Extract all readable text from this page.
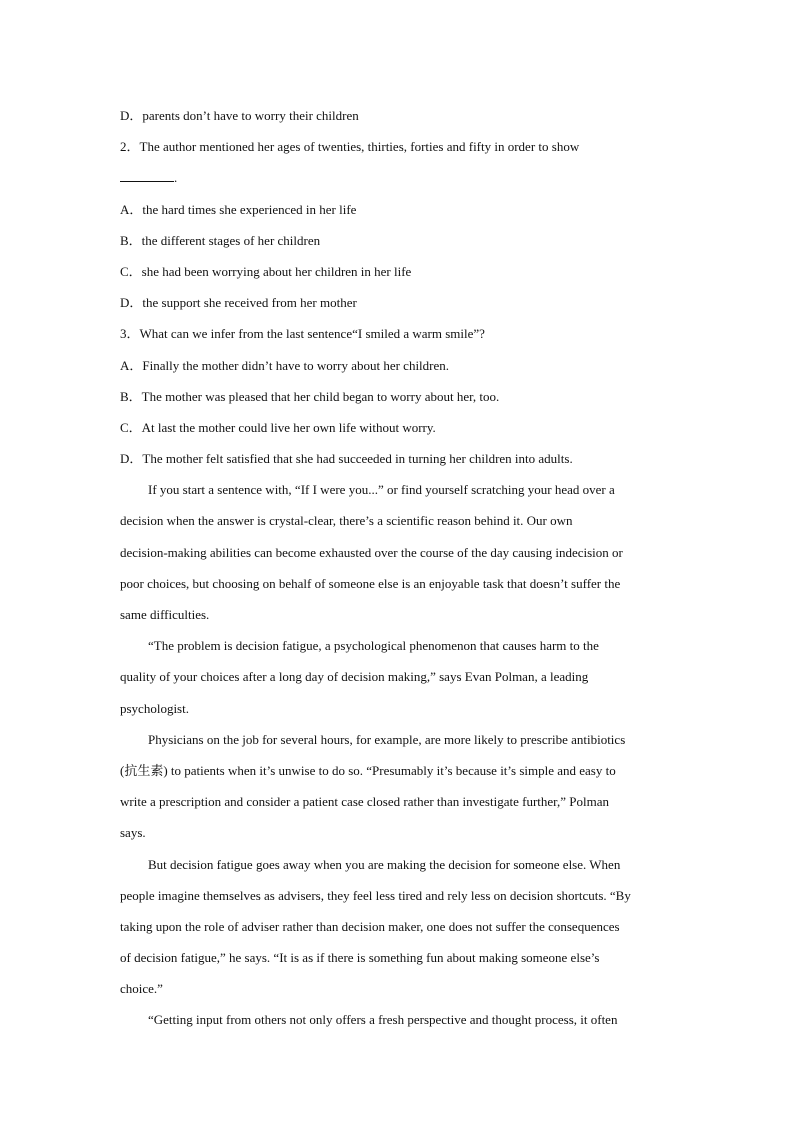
D．parents don’t have to worry their children
2．The author mentioned her ages of twenties, thirties, forties and fifty in order to show
.
A．the hard times she experienced in her life
B．the different stages of her children
C．she had been worrying about her children in her life
D．the support she received from her mother
3．What can we infer from the last sentence“I smiled a warm smile”?
A．Finally the mother didn’t have to worry about her children.
B．The mother was pleased that her child began to worry about her, too.
C．At last the mother could live her own life without worry.
D．The mother felt satisfied that she had succeeded in turning her children into adults.
If you start a sentence with, “If I were you...” or find yourself scratching your head over a
decision when the answer is crystal-clear, there’s a scientific reason behind it. Our own
decision-making abilities can become exhausted over the course of the day causing indecision or
poor choices, but choosing on behalf of someone else is an enjoyable task that doesn’t suffer the
same difficulties.
“The problem is decision fatigue, a psychological phenomenon that causes harm to the
quality of your choices after a long day of decision making,” says Evan Polman, a leading
psychologist.
Physicians on the job for several hours, for example, are more likely to prescribe antibiotics
(抗生素) to patients when it’s unwise to do so. “Presumably it’s because it’s simple and easy to
write a prescription and consider a patient case closed rather than investigate further,” Polman
says.
But decision fatigue goes away when you are making the decision for someone else. When
people imagine themselves as advisers, they feel less tired and rely less on decision shortcuts. “By
taking upon the role of adviser rather than decision maker, one does not suffer the consequences
of decision fatigue,” he says. “It is as if there is something fun about making someone else’s
choice.”
“Getting input from others not only offers a fresh perspective and thought process, it often
